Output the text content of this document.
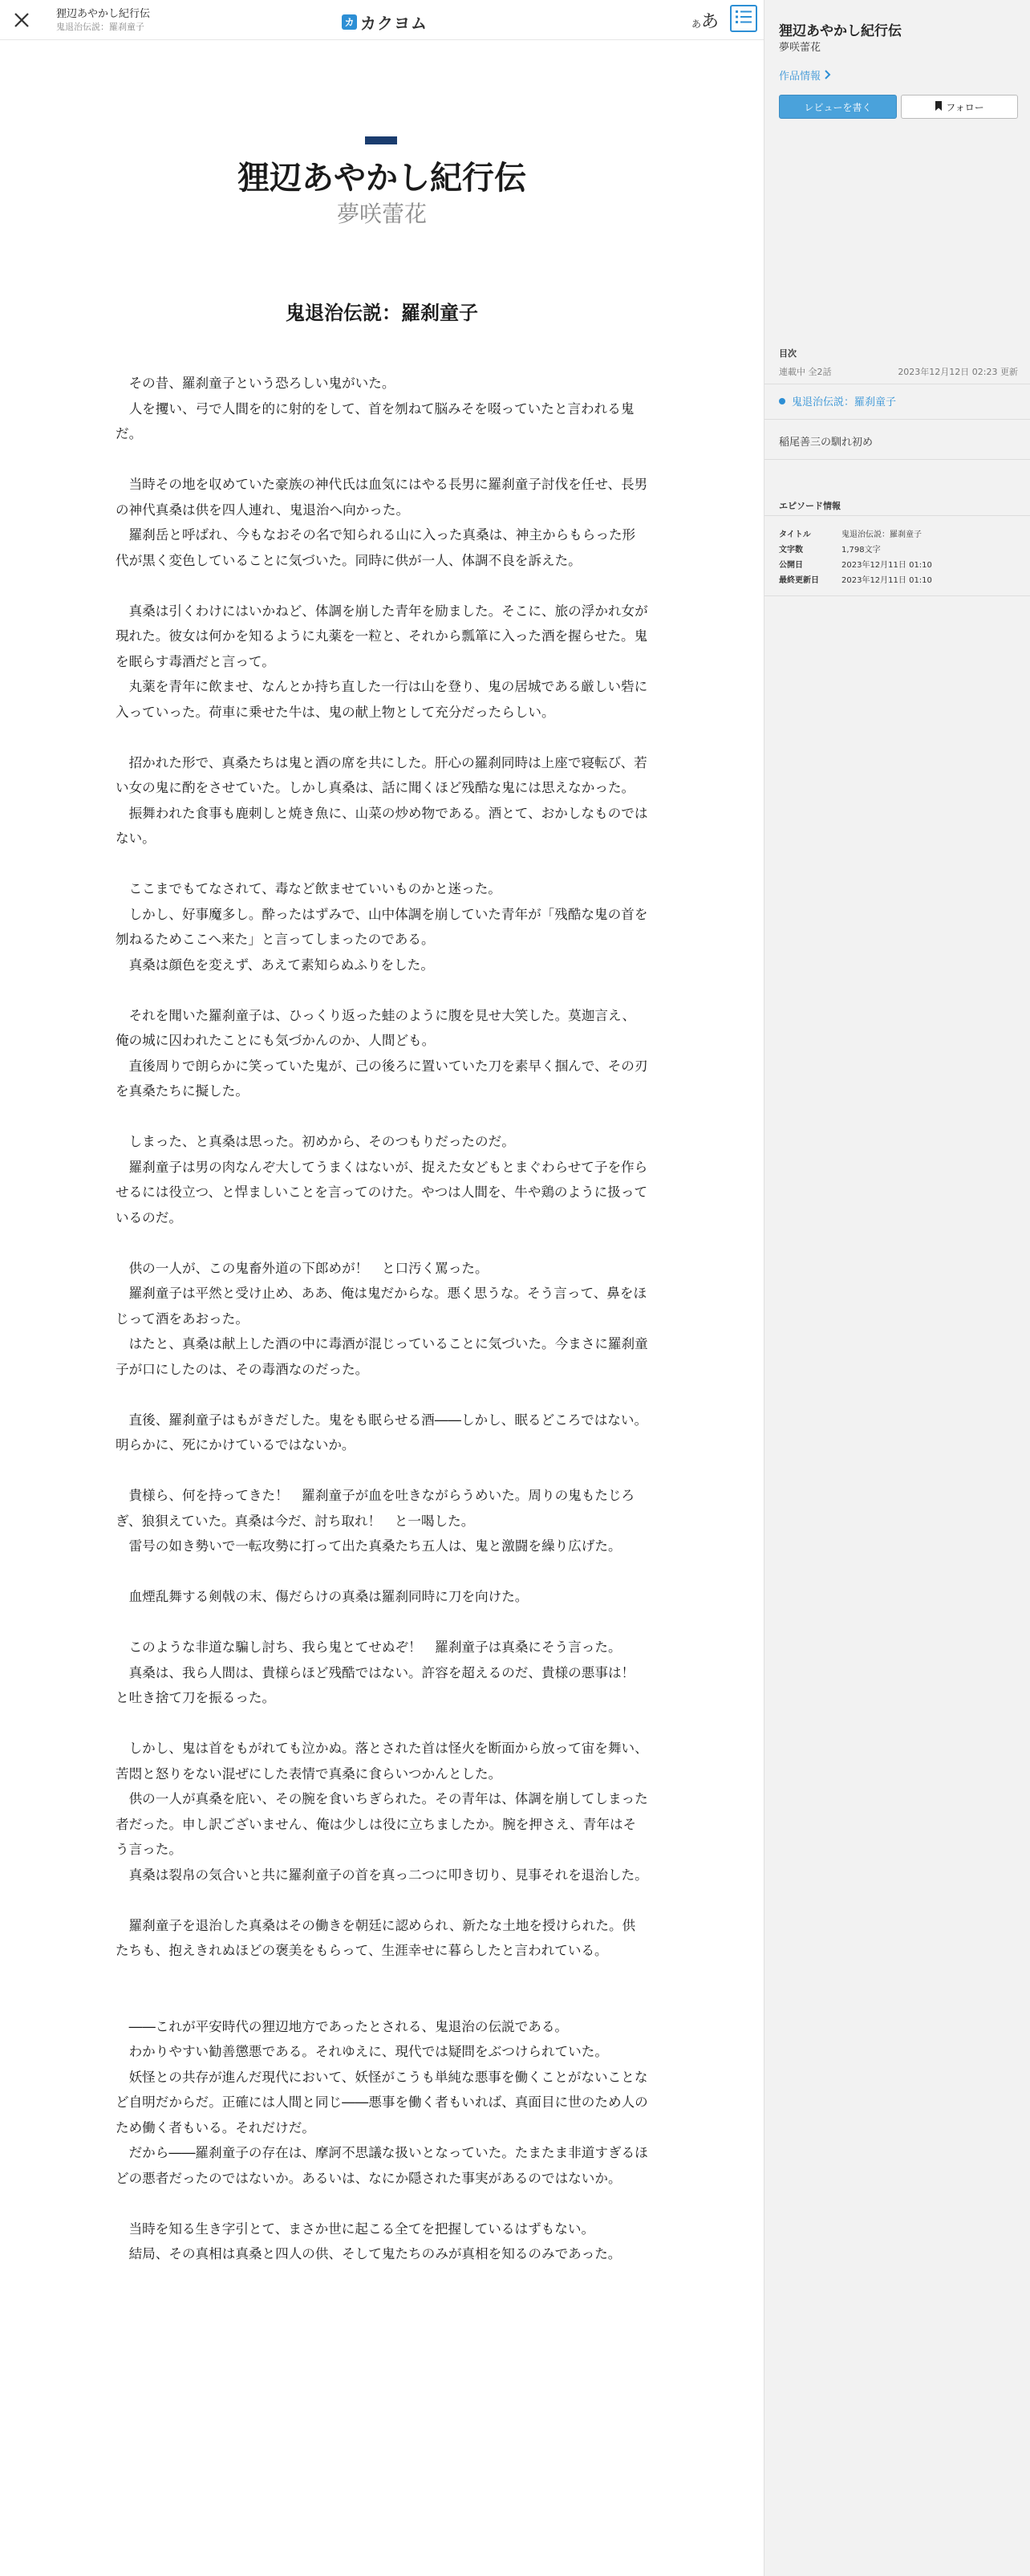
狸辺あやかし紀行伝
鬼退治伝説：羅刹童子	カ カクヨム	ああ
狸辺あやかし紀行伝
夢咲蕾花
鬼退治伝説：羅刹童子

その昔、羅刹童子という恐ろしい鬼がいた。

人を攫い、弓で人間を的に射的をして、首を刎ねて脳みそを啜っていたと言われる鬼だ。

当時その地を収めていた豪族の神代氏は血気にはやる長男に羅刹童子討伐を任せ、長男の神代真桑は供を四人連れ、鬼退治へ向かった。

羅刹岳と呼ばれ、今もなおその名で知られる山に入った真桑は、神主からもらった形代が黒く変色していることに気づいた。同時に供が一人、体調不良を訴えた。

真桑は引くわけにはいかねど、体調を崩した青年を励ました。そこに、旅の浮かれ女が現れた。彼女は何かを知るように丸薬を一粒と、それから瓢箪に入った酒を握らせた。鬼を眠らす毒酒だと言って。

丸薬を青年に飲ませ、なんとか持ち直した一行は山を登り、鬼の居城である厳しい砦に入っていった。荷車に乗せた牛は、鬼の献上物として充分だったらしい。

招かれた形で、真桑たちは鬼と酒の席を共にした。肝心の羅刹同時は上座で寝転び、若い女の鬼に酌をさせていた。しかし真桑は、話に聞くほど残酷な鬼には思えなかった。

振舞われた食事も鹿刺しと焼き魚に、山菜の炒め物である。酒とて、おかしなものではない。

ここまでもてなされて、毒など飲ませていいものかと迷った。

しかし、好事魔多し。酔ったはずみで、山中体調を崩していた青年が「残酷な鬼の首を刎ねるためここへ来た」と言ってしまったのである。

真桑は顔色を変えず、あえて素知らぬふりをした。

それを聞いた羅刹童子は、ひっくり返った蛙のように腹を見せ大笑した。莫迦言え、俺の城に囚われたことにも気づかんのか、人間ども。

直後周りで朗らかに笑っていた鬼が、己の後ろに置いていた刀を素早く掴んで、その刃を真桑たちに擬した。

しまった、と真桑は思った。初めから、そのつもりだったのだ。

羅刹童子は男の肉なんぞ大してうまくはないが、捉えた女どもとまぐわらせて子を作らせるには役立つ、と悍ましいことを言ってのけた。やつは人間を、牛や鶏のように扱っているのだ。

供の一人が、この鬼畜外道の下郎めが！　と口汚く罵った。

羅刹童子は平然と受け止め、ああ、俺は鬼だからな。悪く思うな。そう言って、鼻をほじって酒をあおった。

はたと、真桑は献上した酒の中に毒酒が混じっていることに気づいた。今まさに羅刹童子が口にしたのは、その毒酒なのだった。

直後、羅刹童子はもがきだした。鬼をも眠らせる酒――しかし、眠るどころではない。明らかに、死にかけているではないか。

貴様ら、何を持ってきた！　羅刹童子が血を吐きながらうめいた。周りの鬼もたじろぎ、狼狽えていた。真桑は今だ、討ち取れ！　と一喝した。

雷号の如き勢いで一転攻勢に打って出た真桑たち五人は、鬼と激闘を繰り広げた。

血煙乱舞する剣戟の末、傷だらけの真桑は羅刹同時に刀を向けた。

このような非道な騙し討ち、我ら鬼とてせぬぞ！　羅刹童子は真桑にそう言った。

真桑は、我ら人間は、貴様らほど残酷ではない。許容を超えるのだ、貴様の悪事は！　と吐き捨て刀を振るった。

しかし、鬼は首をもがれても泣かぬ。落とされた首は怪火を断面から放って宙を舞い、苦悶と怒りをない混ぜにした表情で真桑に食らいつかんとした。

供の一人が真桑を庇い、その腕を食いちぎられた。その青年は、体調を崩してしまった者だった。申し訳ございません、俺は少しは役に立ちましたか。腕を押さえ、青年はそう言った。

真桑は裂帛の気合いと共に羅刹童子の首を真っ二つに叩き切り、見事それを退治した。

羅刹童子を退治した真桑はその働きを朝廷に認められ、新たな土地を授けられた。供たちも、抱えきれぬほどの褒美をもらって、生涯幸せに暮らしたと言われている。

――これが平安時代の狸辺地方であったとされる、鬼退治の伝説である。

わかりやすい勧善懲悪である。それゆえに、現代では疑問をぶつけられていた。

妖怪との共存が進んだ現代において、妖怪がこうも単純な悪事を働くことがないことなど自明だからだ。正確には人間と同じ――悪事を働く者もいれば、真面目に世のため人のため働く者もいる。それだけだ。

だから――羅刹童子の存在は、摩訶不思議な扱いとなっていた。たまたま非道すぎるほどの悪者だったのではないか。あるいは、なにか隠された事実があるのではないか。

当時を知る生き字引とて、まさか世に起こる全てを把握しているはずもない。

結局、その真相は真桑と四人の供、そして鬼たちのみが真相を知るのみであった。

狸辺あやかし紀行伝
夢咲蕾花
作品情報
レビューを書く	フォロー
目次
連載中 全2話	2023年12月12日 02:23 更新
鬼退治伝説：羅刹童子
稲尾善三の馴れ初め
エピソード情報
タイトル	鬼退治伝説：羅刹童子
文字数	1,798文字
公開日	2023年12月11日 01:10
最終更新日	2023年12月11日 01:10
